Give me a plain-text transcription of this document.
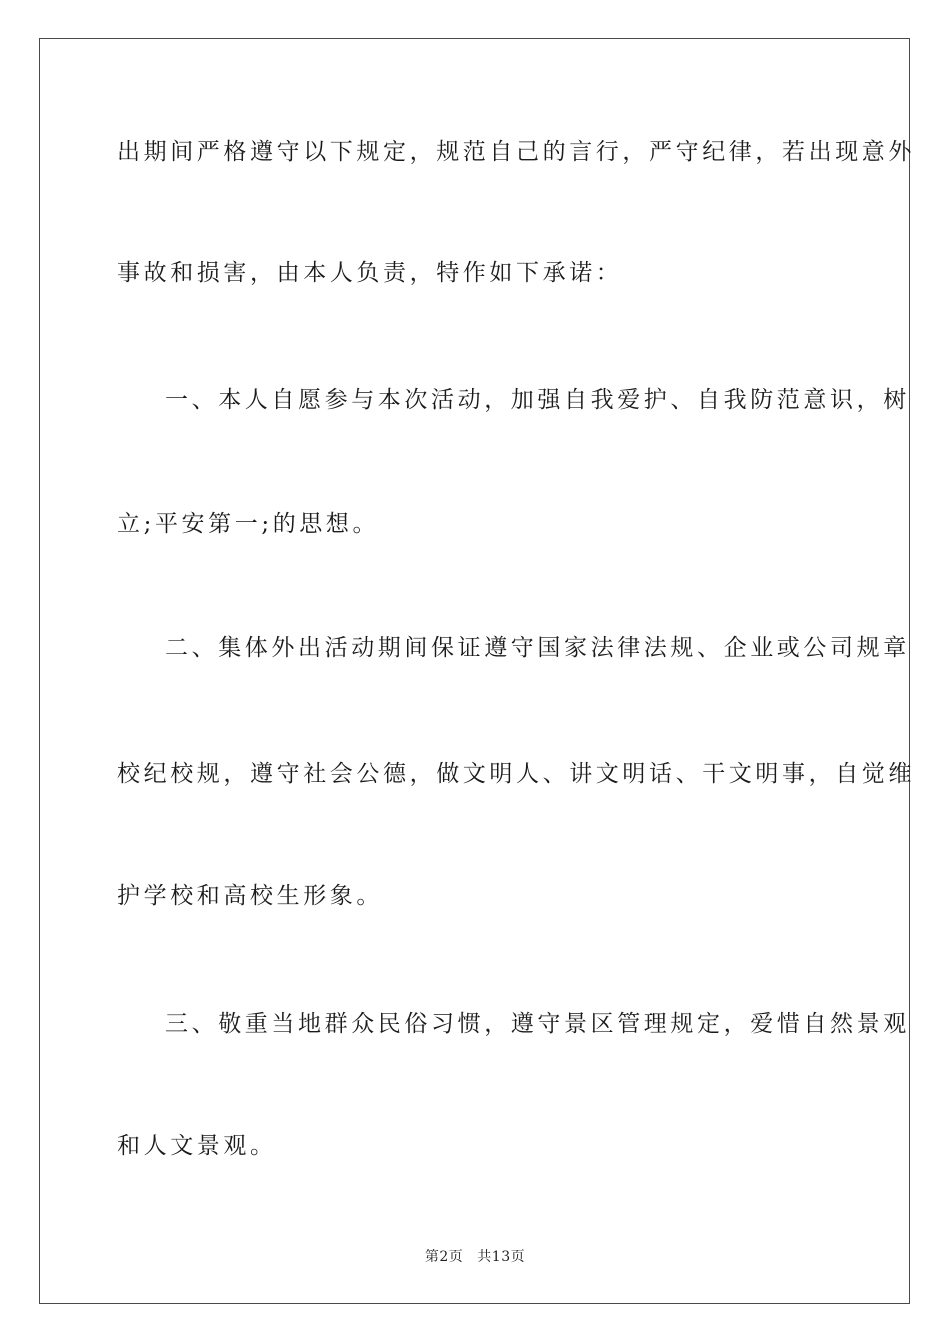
出期间严格遵守以下规定，规范自己的言行，严守纪律，若出现意外
事故和损害，由本人负责，特作如下承诺：
一、本人自愿参与本次活动，加强自我爱护、自我防范意识，树
立;平安第一;的思想。
二、集体外出活动期间保证遵守国家法律法规、企业或公司规章
校纪校规，遵守社会公德，做文明人、讲文明话、干文明事，自觉维
护学校和高校生形象。
三、敬重当地群众民俗习惯，遵守景区管理规定，爱惜自然景观
和人文景观。
第2页 共13页
